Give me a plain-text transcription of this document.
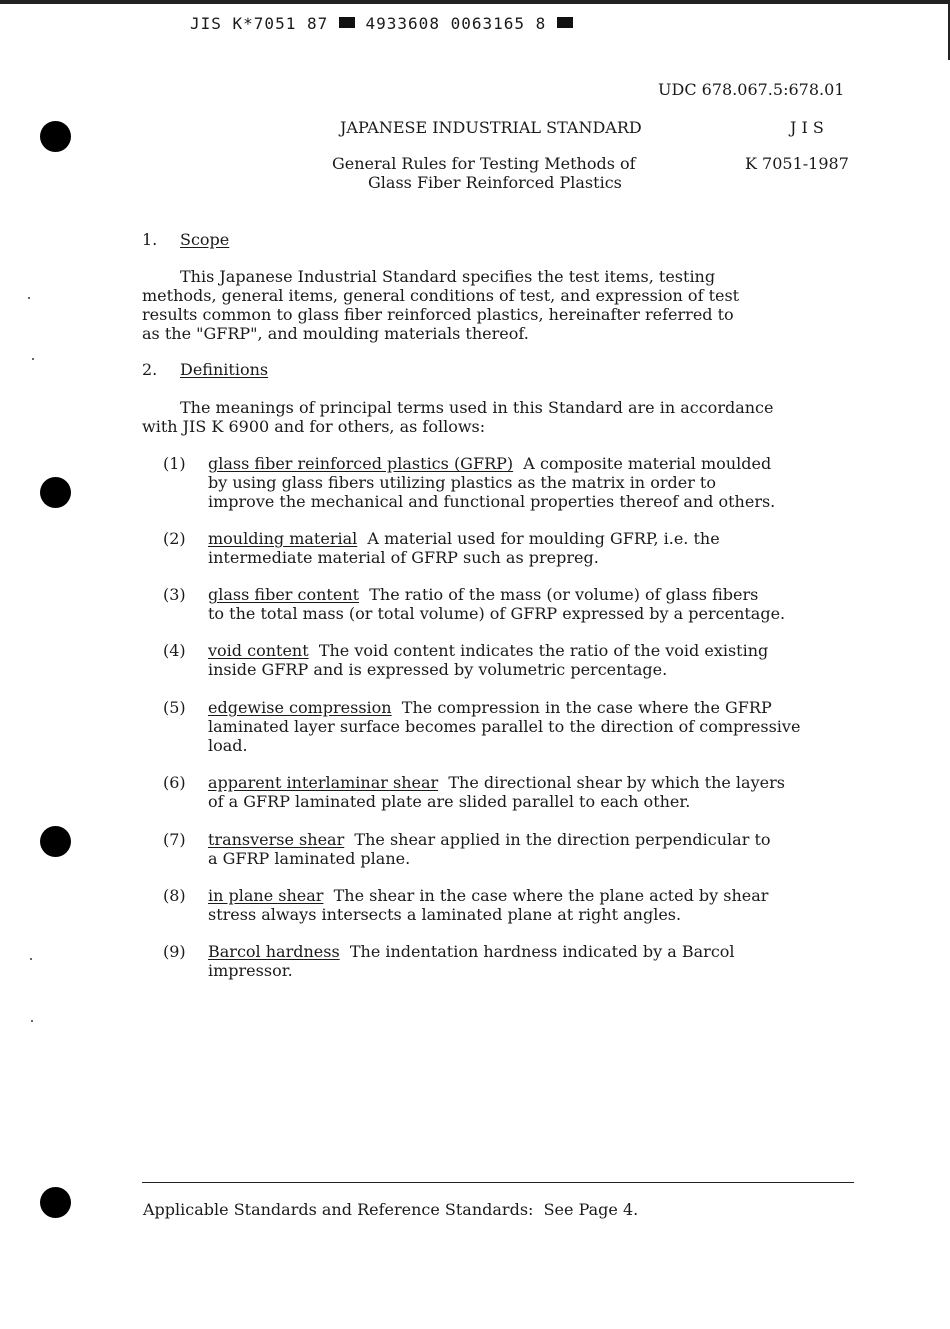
JIS K*7051 87 4933608 0063165 8
UDC 678.067.5:678.01
JAPANESE INDUSTRIAL STANDARD	J I S
General Rules for Testing Methods of
Glass Fiber Reinforced Plastics
K 7051-1987
1. Scope
This Japanese Industrial Standard specifies the test items, testing
methods, general items, general conditions of test, and expression of test
results common to glass fiber reinforced plastics, hereinafter referred to
as the "GFRP", and moulding materials thereof.
2. Definitions
The meanings of principal terms used in this Standard are in accordance
with JIS K 6900 and for others, as follows:
(1) glass fiber reinforced plastics (GFRP)  A composite material moulded
by using glass fibers utilizing plastics as the matrix in order to
improve the mechanical and functional properties thereof and others.
(2) moulding material  A material used for moulding GFRP, i.e. the
intermediate material of GFRP such as prepreg.
(3) glass fiber content  The ratio of the mass (or volume) of glass fibers
to the total mass (or total volume) of GFRP expressed by a percentage.
(4) void content  The void content indicates the ratio of the void existing
inside GFRP and is expressed by volumetric percentage.
(5) edgewise compression  The compression in the case where the GFRP
laminated layer surface becomes parallel to the direction of compressive
load.
(6) apparent interlaminar shear  The directional shear by which the layers
of a GFRP laminated plate are slided parallel to each other.
(7) transverse shear  The shear applied in the direction perpendicular to
a GFRP laminated plane.
(8) in plane shear  The shear in the case where the plane acted by shear
stress always intersects a laminated plane at right angles.
(9) Barcol hardness  The indentation hardness indicated by a Barcol
impressor.
Applicable Standards and Reference Standards:  See Page 4.
